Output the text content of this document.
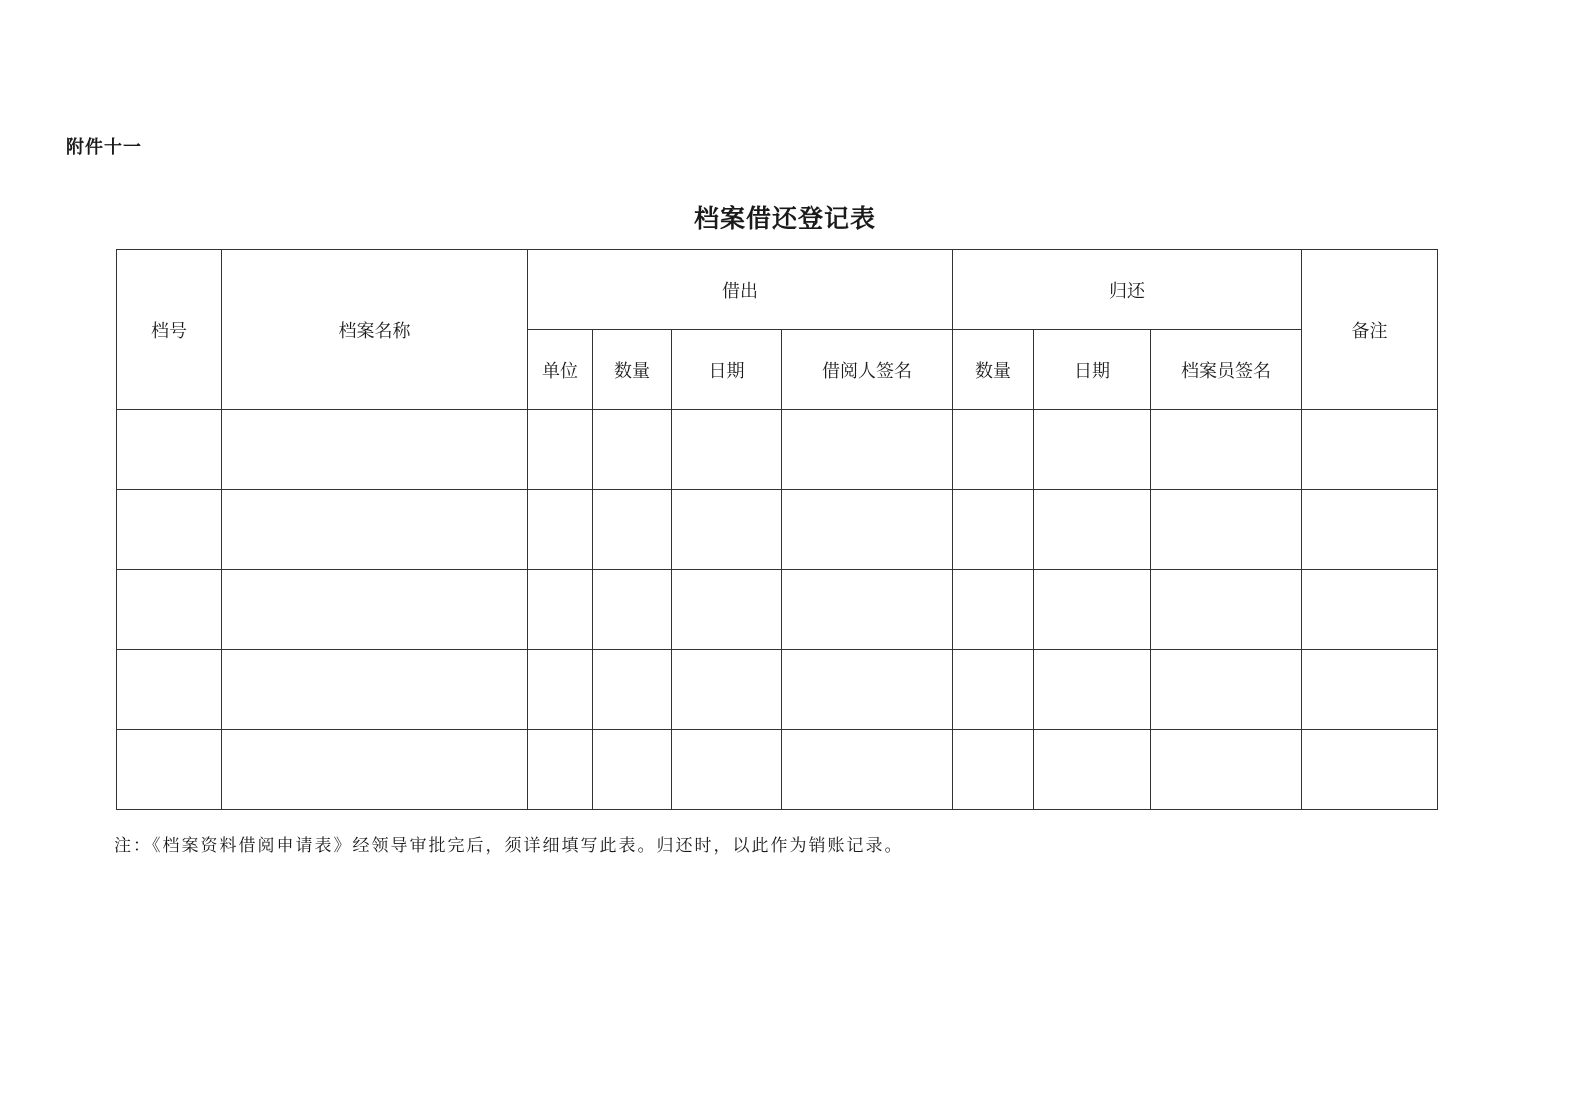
附件十一
档案借还登记表
档号	档案名称	借出				归还			备注
		单位	数量	日期	借阅人签名	数量	日期	档案员签名	

注：《档案资料借阅申请表》经领导审批完后，须详细填写此表。归还时，以此作为销账记录。
